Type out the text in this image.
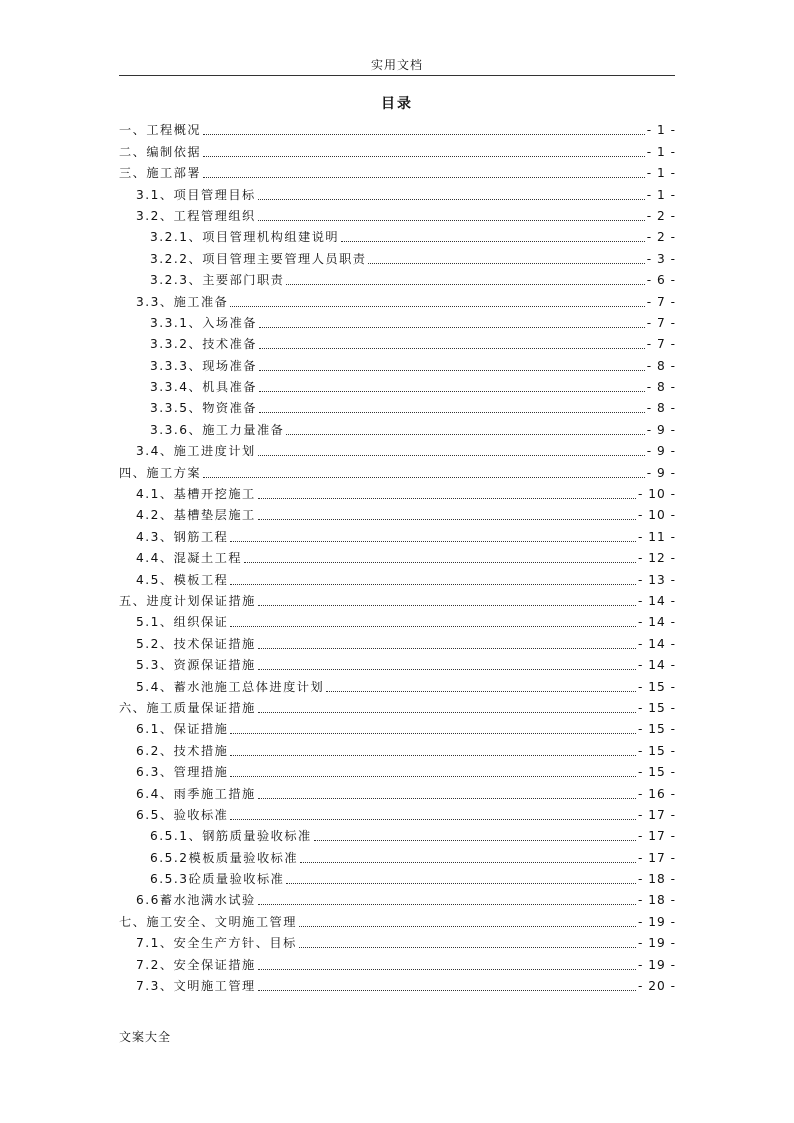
实用文档
目录
一、工程概况	- 1 -
二、编制依据	- 1 -
三、施工部署	- 1 -
3.1、项目管理目标	- 1 -
3.2、工程管理组织	- 2 -
3.2.1、项目管理机构组建说明	- 2 -
3.2.2、项目管理主要管理人员职责	- 3 -
3.2.3、主要部门职责	- 6 -
3.3、施工准备	- 7 -
3.3.1、入场准备	- 7 -
3.3.2、技术准备	- 7 -
3.3.3、现场准备	- 8 -
3.3.4、机具准备	- 8 -
3.3.5、物资准备	- 8 -
3.3.6、施工力量准备	- 9 -
3.4、施工进度计划	- 9 -
四、施工方案	- 9 -
4.1、基槽开挖施工	- 10 -
4.2、基槽垫层施工	- 10 -
4.3、钢筋工程	- 11 -
4.4、混凝土工程	- 12 -
4.5、模板工程	- 13 -
五、进度计划保证措施	- 14 -
5.1、组织保证	- 14 -
5.2、技术保证措施	- 14 -
5.3、资源保证措施	- 14 -
5.4、蓄水池施工总体进度计划	- 15 -
六、施工质量保证措施	- 15 -
6.1、保证措施	- 15 -
6.2、技术措施	- 15 -
6.3、管理措施	- 15 -
6.4、雨季施工措施	- 16 -
6.5、验收标准	- 17 -
6.5.1、钢筋质量验收标准	- 17 -
6.5.2模板质量验收标准	- 17 -
6.5.3砼质量验收标准	- 18 -
6.6蓄水池满水试验	- 18 -
七、施工安全、文明施工管理	- 19 -
7.1、安全生产方针、目标	- 19 -
7.2、安全保证措施	- 19 -
7.3、文明施工管理	- 20 -
文案大全
